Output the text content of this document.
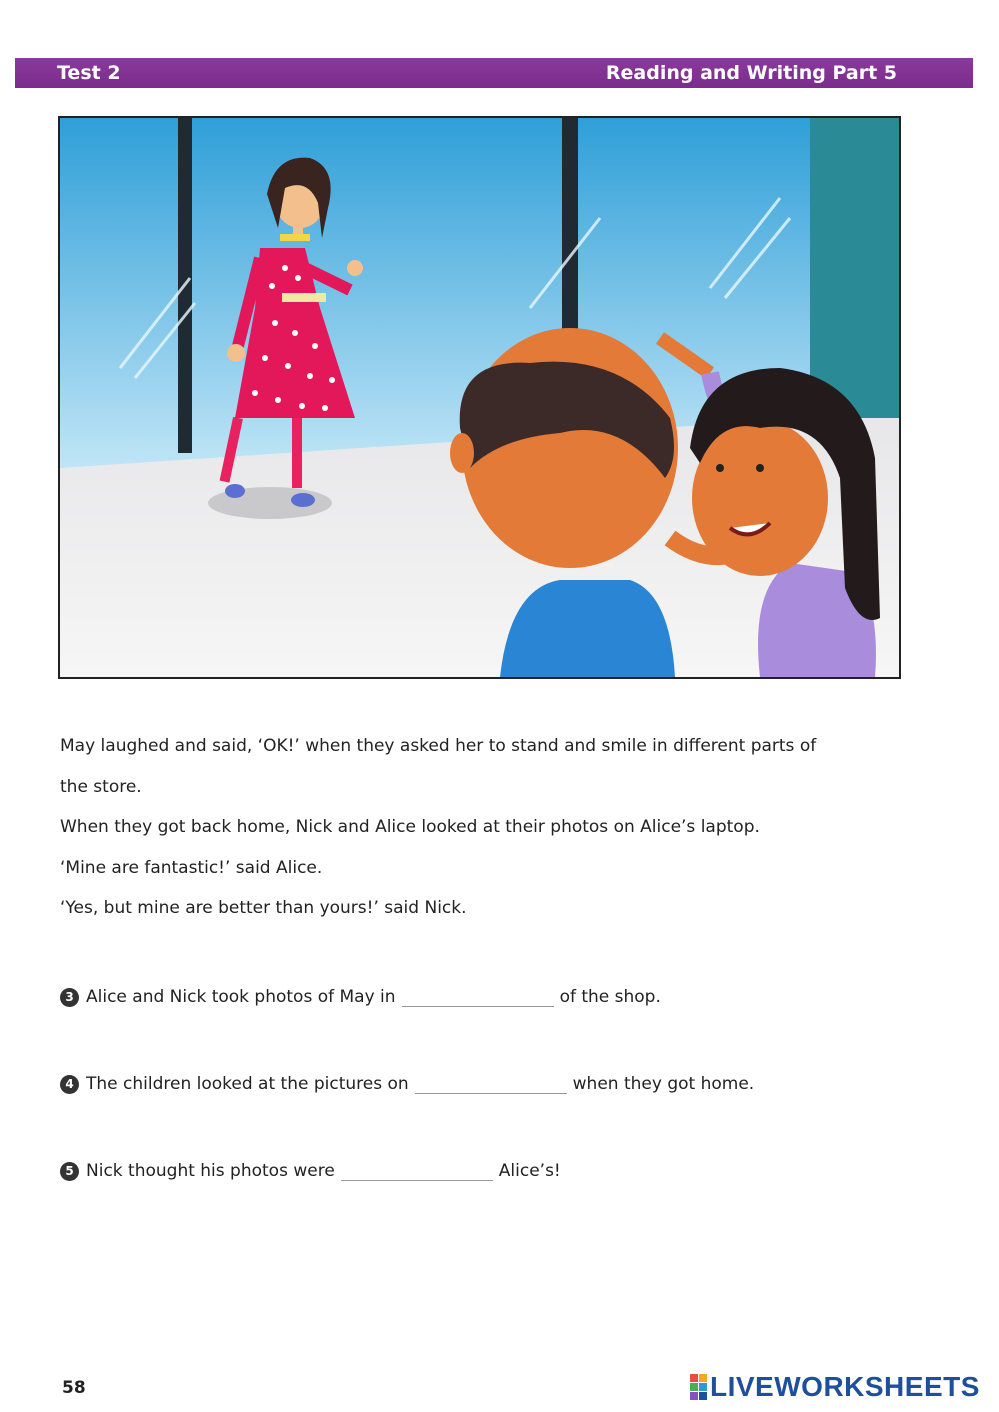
Test 2	Reading and Writing Part 5

May laughed and said, ‘OK!’ when they asked her to stand and smile in different parts of

the store.

When they got back home, Nick and Alice looked at their photos on Alice’s laptop.

‘Mine are fantastic!’ said Alice.

‘Yes, but mine are better than yours!’ said Nick.

3 Alice and Nick took photos of May in	of the shop.
4 The children looked at the pictures on	when they got home.
5 Nick thought his photos were	Alice’s!
58	LIVEWORKSHEETS
